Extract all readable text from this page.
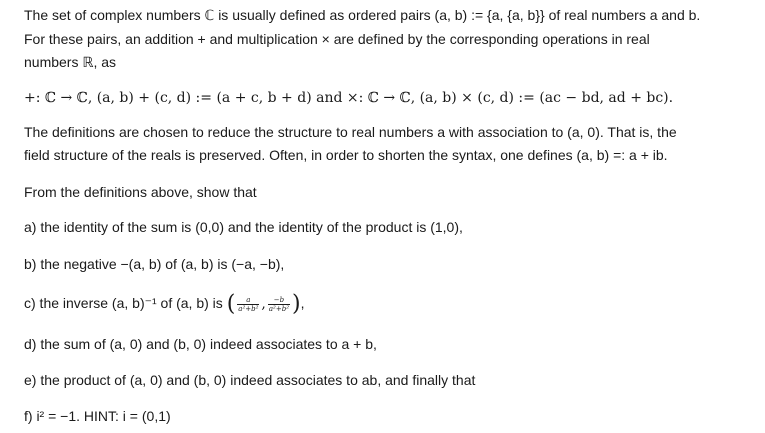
The set of complex numbers ℂ is usually defined as ordered pairs (a, b) := {a, {a, b}} of real numbers a and b.
For these pairs, an addition + and multiplication × are defined by the corresponding operations in real
numbers ℝ, as
+: ℂ → ℂ, (a, b) + (c, d) := (a + c, b + d) and ×: ℂ → ℂ, (a, b) × (c, d) := (ac − bd, ad + bc).
The definitions are chosen to reduce the structure to real numbers a with association to (a, 0). That is, the
field structure of the reals is preserved. Often, in order to shorten the syntax, one defines (a, b) =: a + ib.
From the definitions above, show that
a) the identity of the sum is (0,0) and the identity of the product is (1,0),
b) the negative −(a, b) of (a, b) is (−a, −b),
c) the inverse (a, b)⁻¹ of (a, b) is ( $\frac{a}{\text{a²+b²}}$ , $\frac{-b}{\text{a²+b²}}$ ),
d) the sum of (a, 0) and (b, 0) indeed associates to a + b,
e) the product of (a, 0) and (b, 0) indeed associates to ab, and finally that
f) i² = −1. HINT: i = (0,1)
